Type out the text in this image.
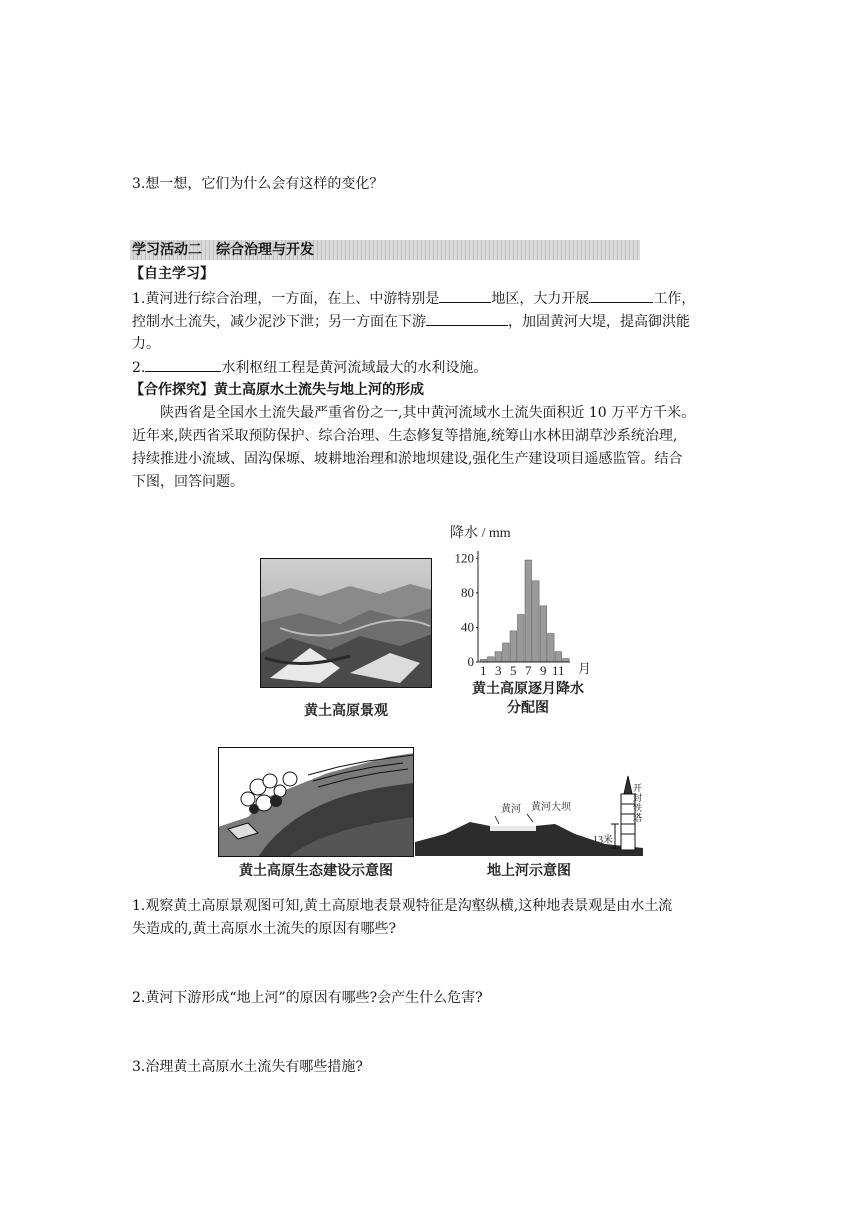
3.想一想，它们为什么会有这样的变化？
学习活动二　综合治理与开发
【自主学习】
1.黄河进行综合治理，一方面，在上、中游特别是	地区，大力开展	工作，
控制水土流失，减少泥沙下泄；另一方面在下游	，加固黄河大堤，提高御洪能
力。
2.	水利枢纽工程是黄河流域最大的水利设施。
【合作探究】黄土高原水土流失与地上河的形成
陕西省是全国水土流失最严重省份之一,其中黄河流域水土流失面积近 10 万平方千米。
近年来,陕西省采取预防保护、综合治理、生态修复等措施,统筹山水林田湖草沙系统治理,
持续推进小流域、固沟保塬、坡耕地治理和淤地坝建设,强化生产建设项目遥感监管。结合
下图，回答问题。
黄土高原景观
降水 / mm
0
40
80
120
1 3 5 7 9 11 月
黄土高原逐月降水
分配图
黄土高原生态建设示意图
黄河 黄河大坝
13米
开封铁塔
地上河示意图
1.观察黄土高原景观图可知,黄土高原地表景观特征是沟壑纵横,这种地表景观是由水土流
失造成的,黄土高原水土流失的原因有哪些?
2.黄河下游形成“地上河”的原因有哪些?会产生什么危害?
3.治理黄土高原水土流失有哪些措施?
